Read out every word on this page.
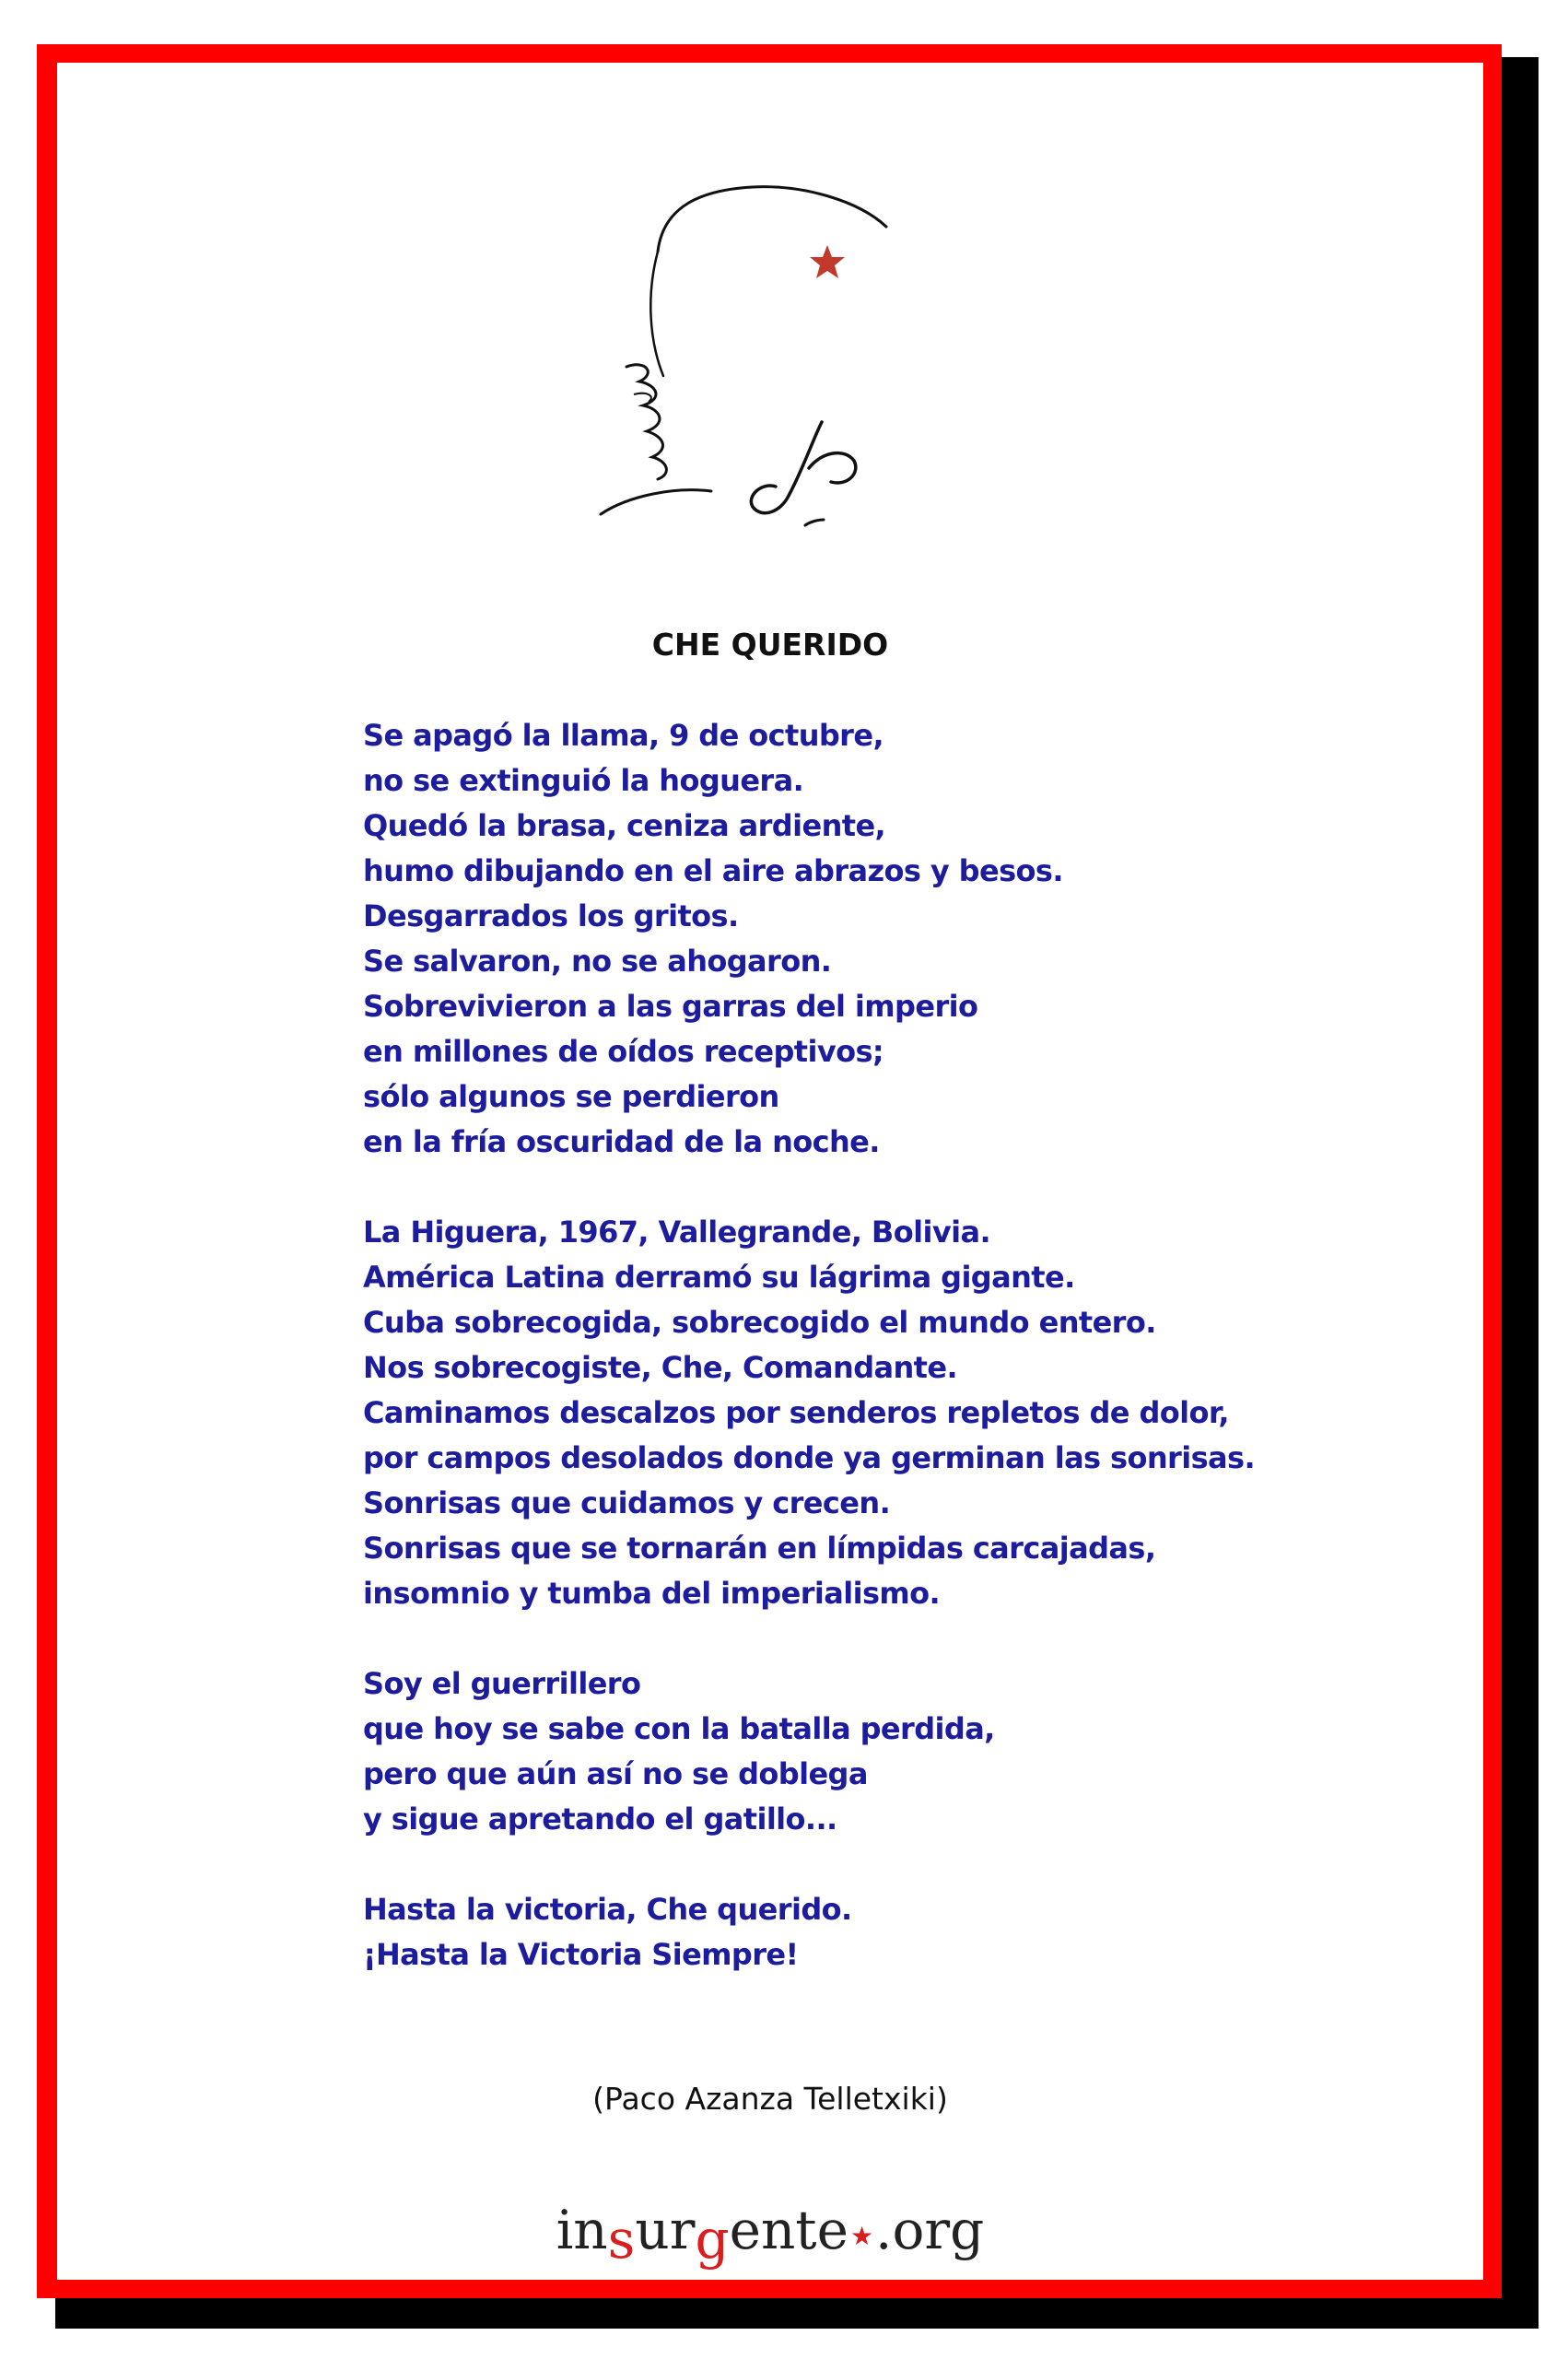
CHE QUERIDO
Se apagó la llama, 9 de octubre,
no se extinguió la hoguera.
Quedó la brasa, ceniza ardiente,
humo dibujando en el aire abrazos y besos.
Desgarrados los gritos.
Se salvaron, no se ahogaron.
Sobrevivieron a las garras del imperio
en millones de oídos receptivos;
sólo algunos se perdieron
en la fría oscuridad de la noche.
La Higuera, 1967, Vallegrande, Bolivia.
América Latina derramó su lágrima gigante.
Cuba sobrecogida, sobrecogido el mundo entero.
Nos sobrecogiste, Che, Comandante.
Caminamos descalzos por senderos repletos de dolor,
por campos desolados donde ya germinan las sonrisas.
Sonrisas que cuidamos y crecen.
Sonrisas que se tornarán en límpidas carcajadas,
insomnio y tumba del imperialismo.
Soy el guerrillero
que hoy se sabe con la batalla perdida,
pero que aún así no se doblega
y sigue apretando el gatillo...
Hasta la victoria, Che querido.
¡Hasta la Victoria Siempre!
(Paco Azanza Telletxiki)
insurgente★.org
